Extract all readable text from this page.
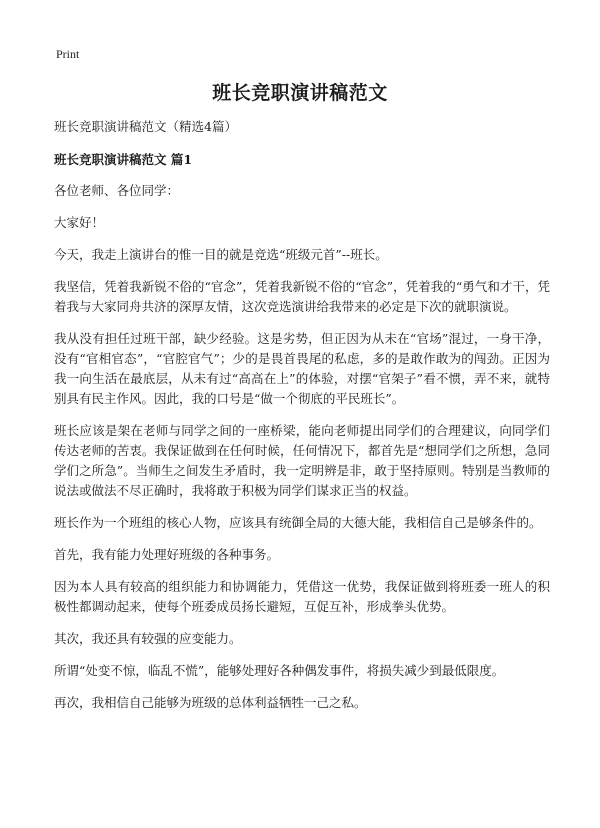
Print
班长竞职演讲稿范文

班长竞职演讲稿范文（精选4篇）

班长竞职演讲稿范文 篇1

各位老师、各位同学：

大家好！

今天，我走上演讲台的惟一目的就是竞选“班级元首”--班长。

我坚信，凭着我新锐不俗的“官念”，凭着我新锐不俗的“官念”，凭着我的“勇气和才干，凭着我与大家同舟共济的深厚友情，这次竞选演讲给我带来的必定是下次的就职演说。

我从没有担任过班干部，缺少经验。这是劣势，但正因为从未在“官场”混过，一身干净，没有“官相官态”，“官腔官气”；少的是畏首畏尾的私虑，多的是敢作敢为的闯劲。正因为我一向生活在最底层，从未有过“高高在上”的体验，对摆“官架子”看不惯，弄不来，就特别具有民主作风。因此，我的口号是“做一个彻底的平民班长”。

班长应该是架在老师与同学之间的一座桥梁，能向老师提出同学们的合理建议，向同学们传达老师的苦衷。我保证做到在任何时候，任何情况下，都首先是“想同学们之所想，急同学们之所急”。当师生之间发生矛盾时，我一定明辨是非，敢于坚持原则。特别是当教师的说法或做法不尽正确时，我将敢于积极为同学们谋求正当的权益。

班长作为一个班组的核心人物，应该具有统御全局的大德大能，我相信自己是够条件的。

首先，我有能力处理好班级的各种事务。

因为本人具有较高的组织能力和协调能力，凭借这一优势，我保证做到将班委一班人的积极性都调动起来，使每个班委成员扬长避短，互促互补，形成拳头优势。

其次，我还具有较强的应变能力。

所谓“处变不惊，临乱不慌”，能够处理好各种偶发事件，将损失减少到最低限度。

再次，我相信自己能够为班级的总体利益牺牲一己之私。
